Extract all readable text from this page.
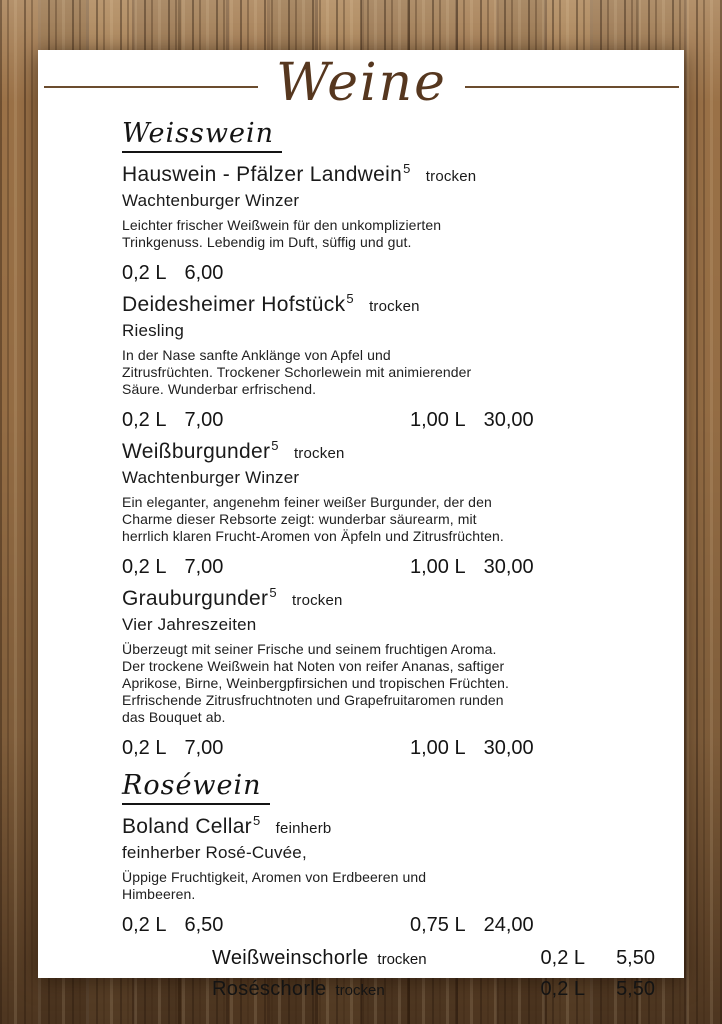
Weine
Weisswein
Hauswein - Pfälzer Landwein$^5$ trocken
Wachtenburger Winzer
Leichter frischer Weißwein für den unkomplizierten
Trinkgenuss. Lebendig im Duft, süffig und gut.
0,2 L 6,00
Deidesheimer Hofstück$^5$ trocken
Riesling
In der Nase sanfte Anklänge von Apfel und
Zitrusfrüchten. Trockener Schorlewein mit animierender
Säure. Wunderbar erfrischend.
0,2 L 7,00	1,00 L 30,00
Weißburgunder$^5$ trocken
Wachtenburger Winzer
Ein eleganter, angenehm feiner weißer Burgunder, der den
Charme dieser Rebsorte zeigt: wunderbar säurearm, mit
herrlich klaren Frucht-Aromen von Äpfeln und Zitrusfrüchten.
0,2 L 7,00	1,00 L 30,00
Grauburgunder$^5$ trocken
Vier Jahreszeiten
Überzeugt mit seiner Frische und seinem fruchtigen Aroma.
Der trockene Weißwein hat Noten von reifer Ananas, saftiger
Aprikose, Birne, Weinbergpfirsichen und tropischen Früchten.
Erfrischende Zitrusfruchtnoten und Grapefruitaromen runden
das Bouquet ab.
0,2 L 7,00	1,00 L 30,00
Roséwein
Boland Cellar$^5$ feinherb
feinherber Rosé-Cuvée,
Üppige Fruchtigkeit, Aromen von Erdbeeren und
Himbeeren.
0,2 L 6,50	0,75 L 24,00
Weißweinschorle trocken	0,2 L	5,50
Roséschorle trocken	0,2 L	5,50
